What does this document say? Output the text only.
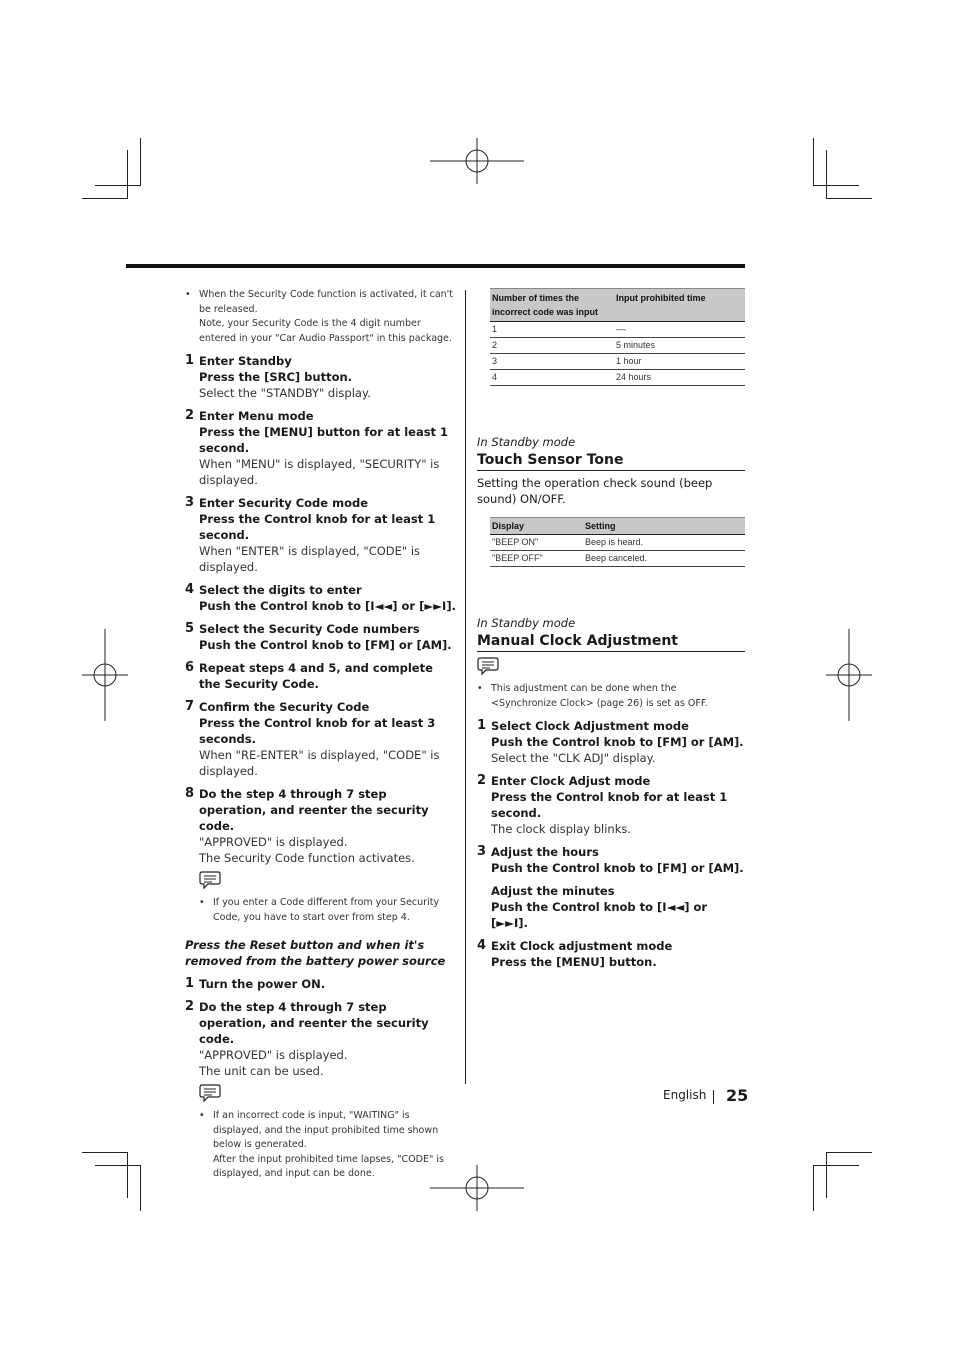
• When the Security Code function is activated, it can't be released.
Note, your Security Code is the 4 digit number entered in your "Car Audio Passport" in this package.
1 Enter Standby
Press the [SRC] button.
Select the "STANDBY" display.
2 Enter Menu mode
Press the [MENU] button for at least 1 second.
When "MENU" is displayed, "SECURITY" is displayed.
3 Enter Security Code mode
Press the Control knob for at least 1 second.
When "ENTER" is displayed, "CODE" is displayed.
4 Select the digits to enter
Push the Control knob to [I◄◄] or [►►I].
5 Select the Security Code numbers
Push the Control knob to [FM] or [AM].
6 Repeat steps 4 and 5, and complete the Security Code.
7 Confirm the Security Code
Press the Control knob for at least 3 seconds.
When "RE-ENTER" is displayed, "CODE" is displayed.
8 Do the step 4 through 7 step operation, and reenter the security code.
"APPROVED" is displayed.
The Security Code function activates.
• If you enter a Code different from your Security Code, you have to start over from step 4.
Press the Reset button and when it's removed from the battery power source
1 Turn the power ON.
2 Do the step 4 through 7 step operation, and reenter the security code.
"APPROVED" is displayed.
The unit can be used.
• If an incorrect code is input, "WAITING" is displayed, and the input prohibited time shown below is generated.
After the input prohibited time lapses, "CODE" is displayed, and input can be done.
Number of times the incorrect code was input	Input prohibited time
1	––
2	5 minutes
3	1 hour
4	24 hours
In Standby mode
Touch Sensor Tone
Setting the operation check sound (beep sound) ON/OFF.
Display	Setting
"BEEP ON"	Beep is heard.
"BEEP OFF"	Beep canceled.
In Standby mode
Manual Clock Adjustment
• This adjustment can be done when the <Synchronize Clock> (page 26) is set as OFF.
1 Select Clock Adjustment mode
Push the Control knob to [FM] or [AM].
Select the "CLK ADJ" display.
2 Enter Clock Adjust mode
Press the Control knob for at least 1 second.
The clock display blinks.
3 Adjust the hours
Push the Control knob to [FM] or [AM].
Adjust the minutes
Push the Control knob to [I◄◄] or [►►I].
4 Exit Clock adjustment mode
Press the [MENU] button.
English 25
